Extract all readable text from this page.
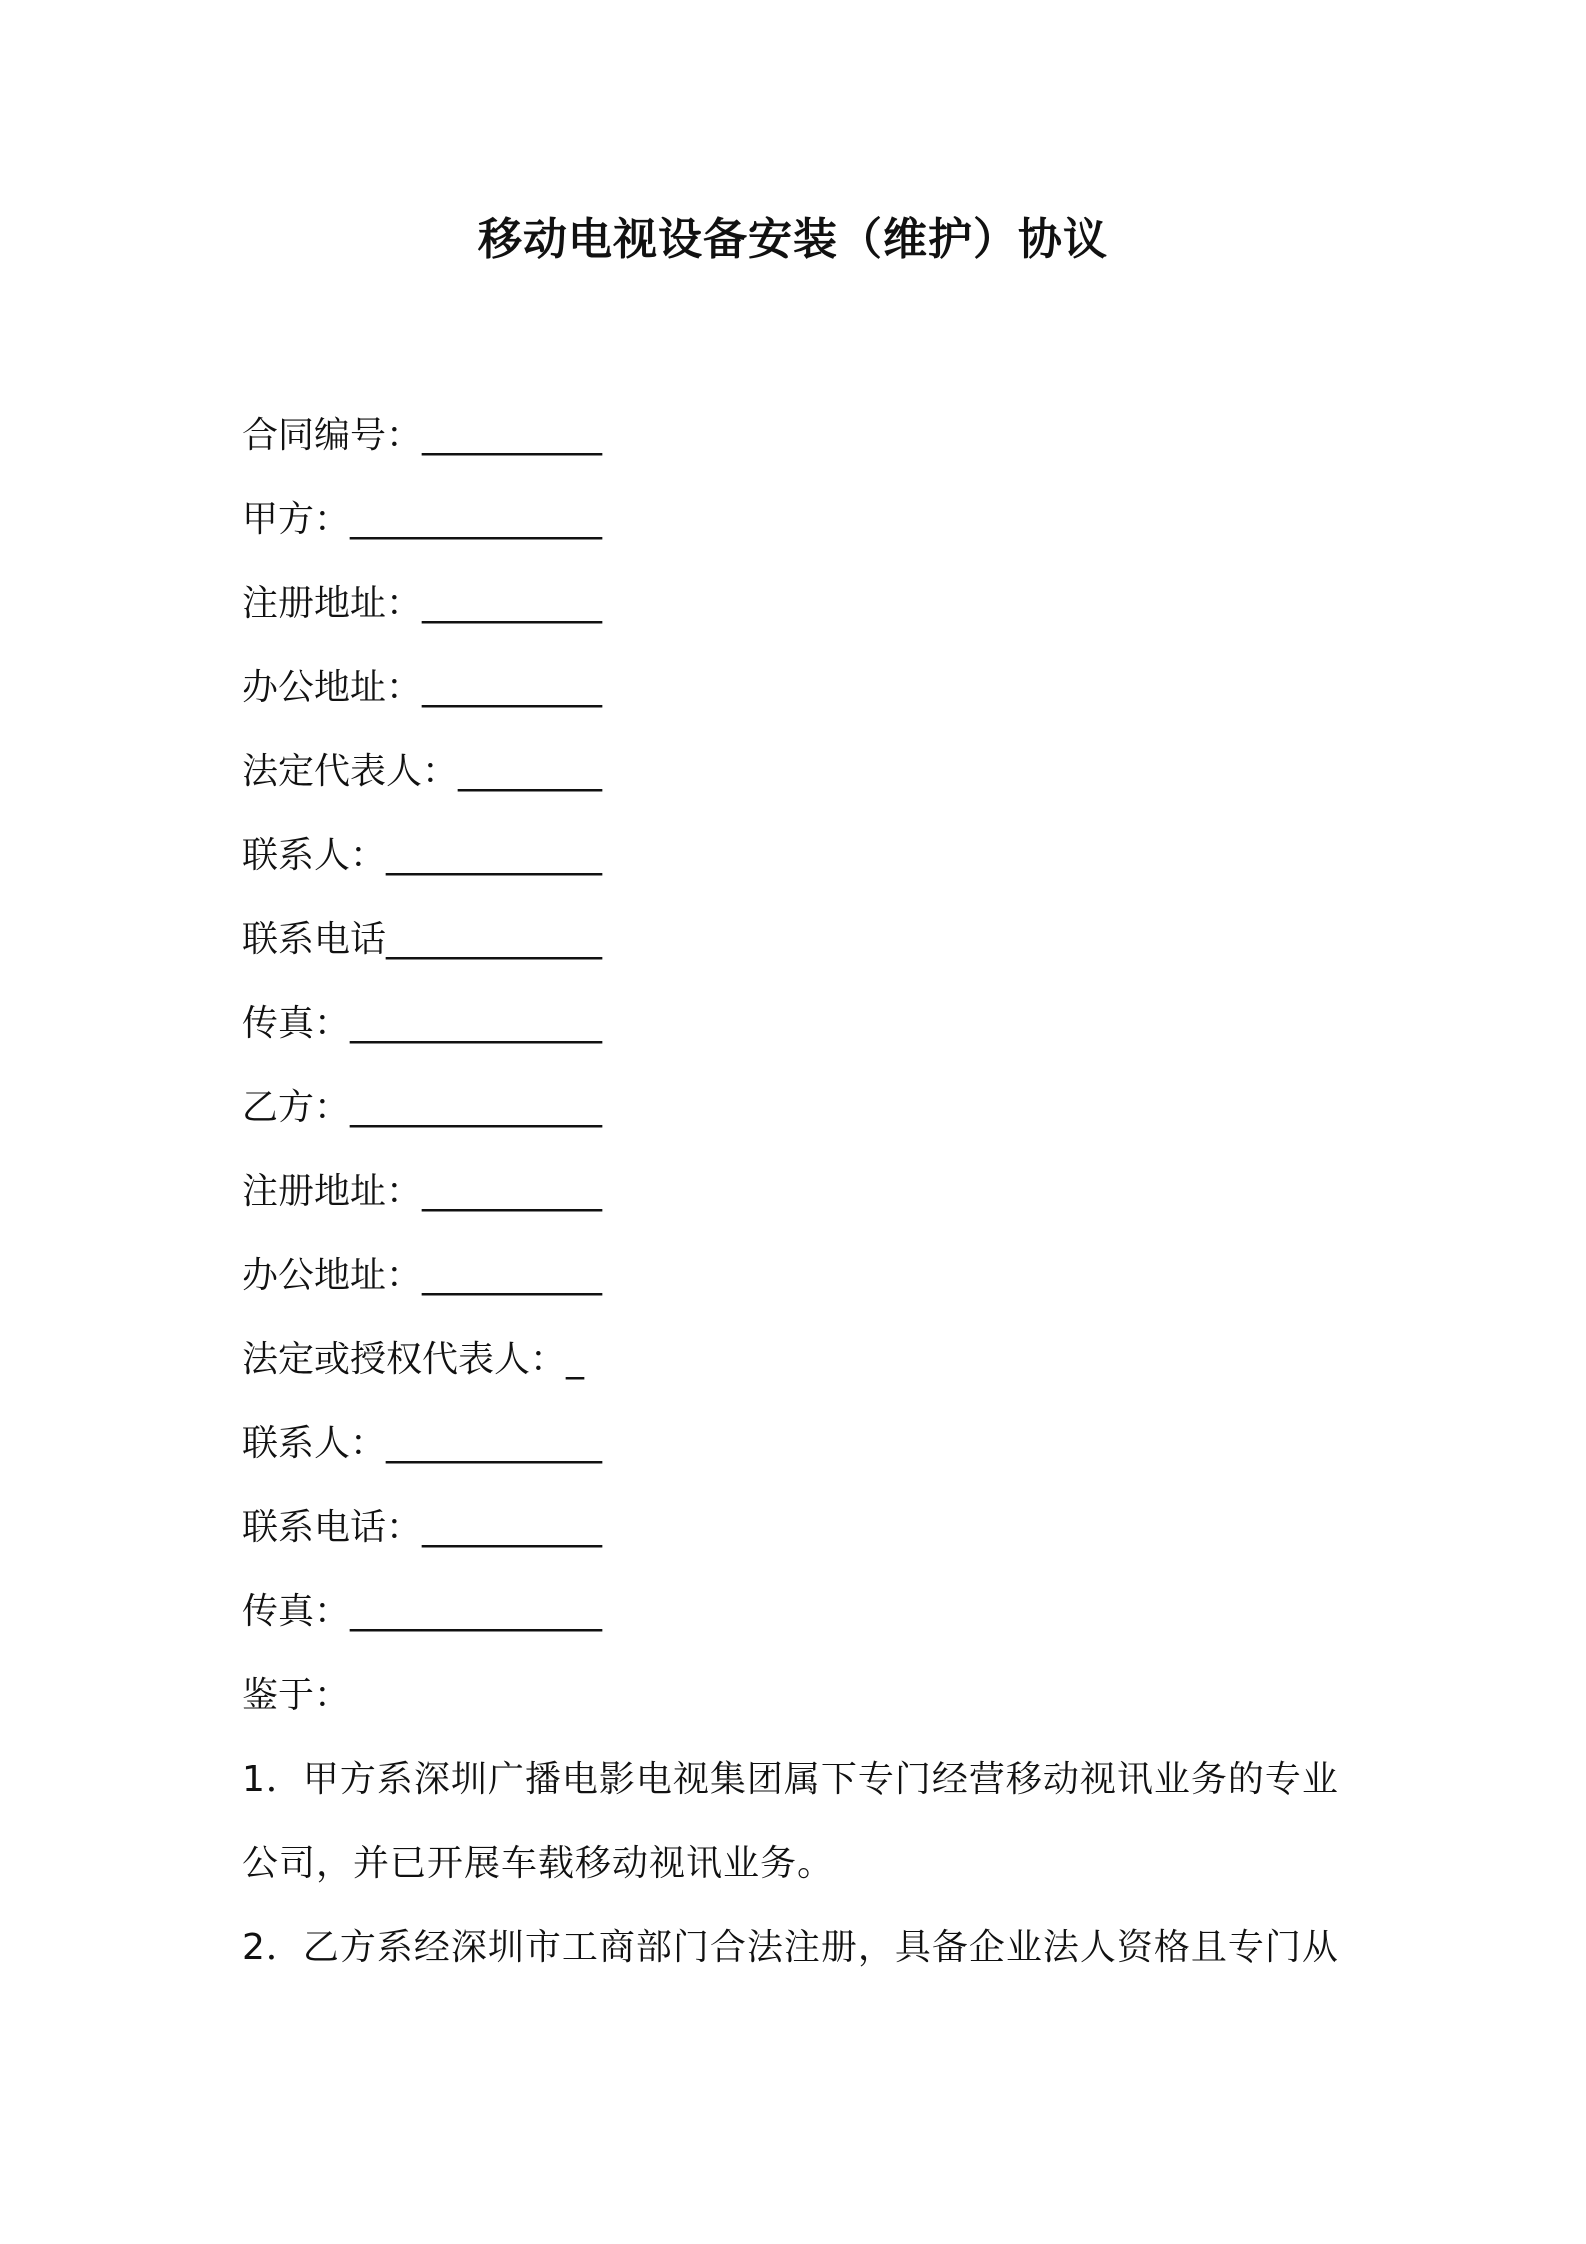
移动电视设备安装（维护）协议
合同编号：__________
甲方：______________
注册地址：__________
办公地址：__________
法定代表人：________
联系人：____________
联系电话____________
传真：______________
乙方：______________
注册地址：__________
办公地址：__________
法定或授权代表人：_
联系人：____________
联系电话：__________
传真：______________
鉴于：
1．甲方系深圳广播电影电视集团属下专门经营移动视讯业务的专业
公司，并已开展车载移动视讯业务。
2．乙方系经深圳市工商部门合法注册，具备企业法人资格且专门从
